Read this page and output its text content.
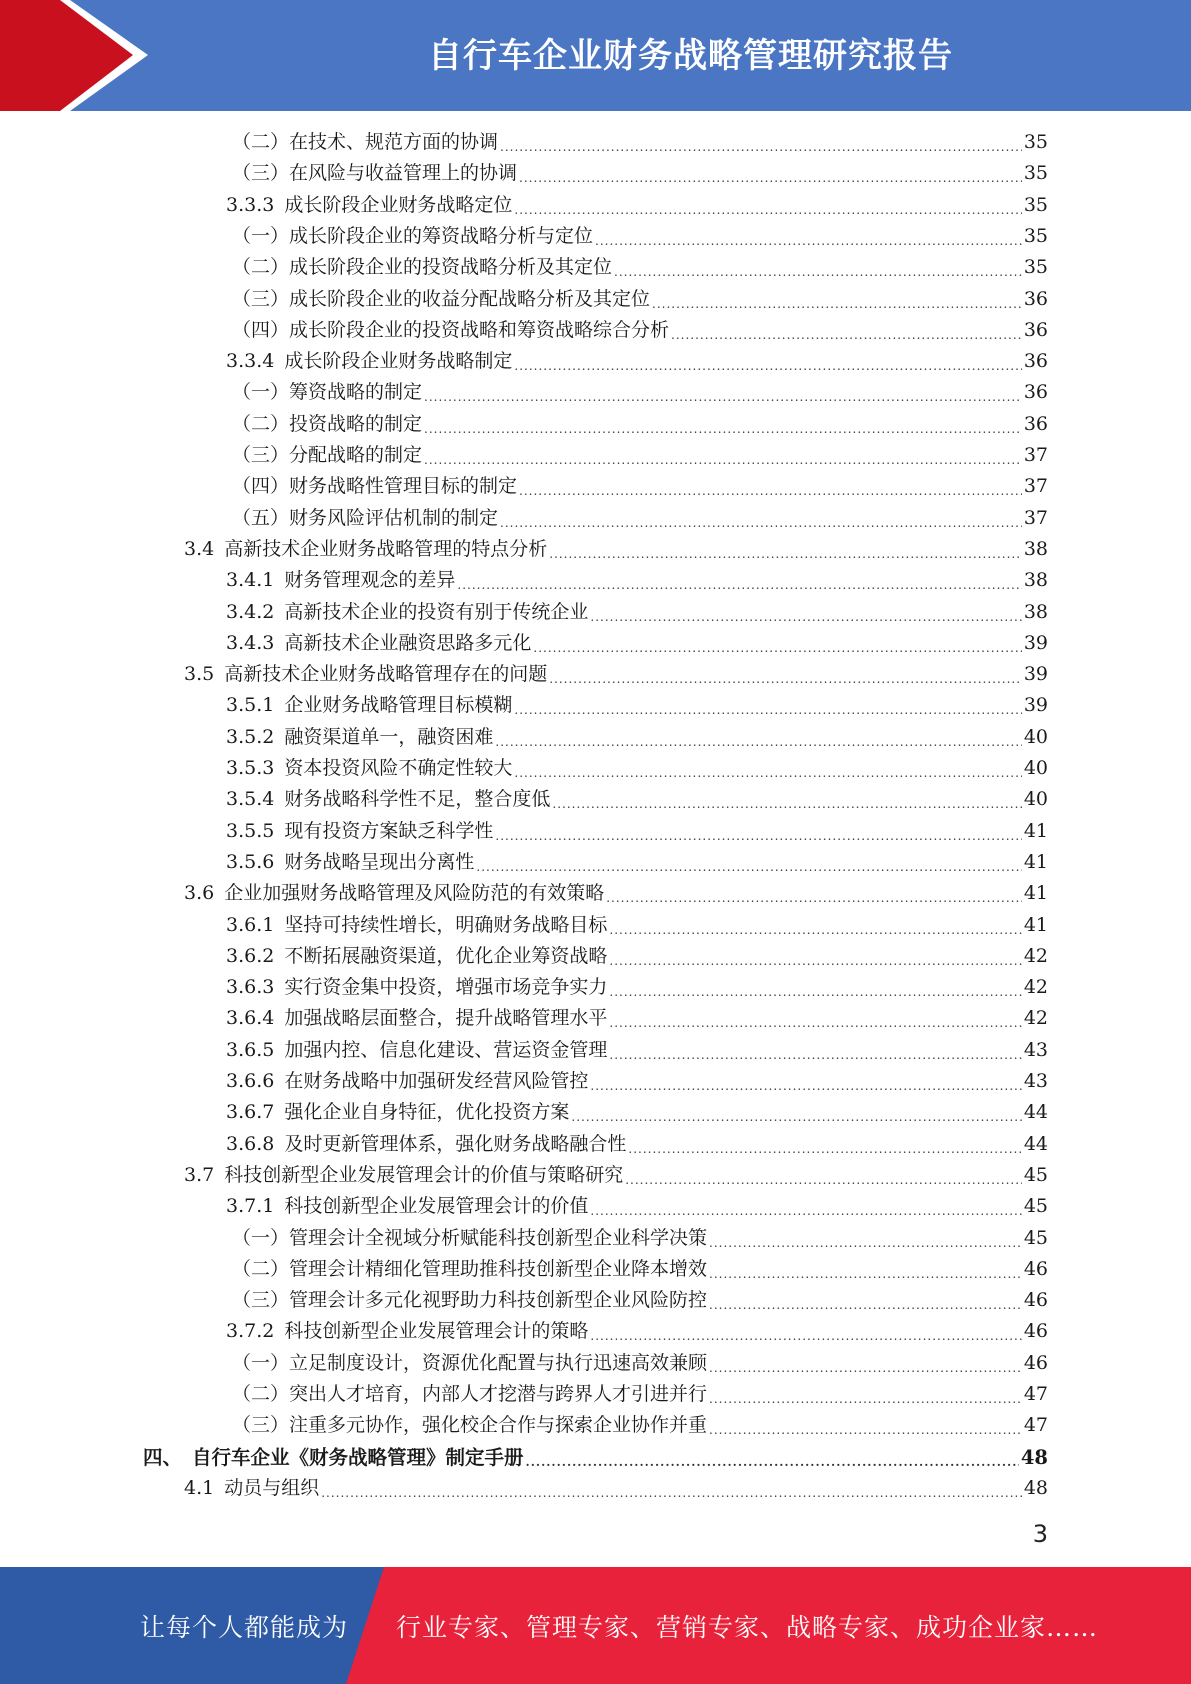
自行车企业财务战略管理研究报告
（二） 在技术、规范方面的协调 .....	35
（三） 在风险与收益管理上的协调 .....	35
3.3.3 成长阶段企业财务战略定位 .....	35
（一） 成长阶段企业的筹资战略分析与定位 .....	35
（二） 成长阶段企业的投资战略分析及其定位 .....	35
（三） 成长阶段企业的收益分配战略分析及其定位 .....	36
（四） 成长阶段企业的投资战略和筹资战略综合分析 .....	36
3.3.4 成长阶段企业财务战略制定 .....	36
（一） 筹资战略的制定 .....	36
（二） 投资战略的制定 .....	36
（三） 分配战略的制定 .....	37
（四） 财务战略性管理目标的制定 .....	37
（五） 财务风险评估机制的制定 .....	37
3.4 高新技术企业财务战略管理的特点分析 .....	38
3.4.1 财务管理观念的差异 .....	38
3.4.2 高新技术企业的投资有别于传统企业 .....	38
3.4.3 高新技术企业融资思路多元化 .....	39
3.5 高新技术企业财务战略管理存在的问题 .....	39
3.5.1 企业财务战略管理目标模糊 .....	39
3.5.2 融资渠道单一，融资困难 .....	40
3.5.3 资本投资风险不确定性较大 .....	40
3.5.4 财务战略科学性不足，整合度低 .....	40
3.5.5 现有投资方案缺乏科学性 .....	41
3.5.6 财务战略呈现出分离性 .....	41
3.6 企业加强财务战略管理及风险防范的有效策略 .....	41
3.6.1 坚持可持续性增长，明确财务战略目标 .....	41
3.6.2 不断拓展融资渠道，优化企业筹资战略 .....	42
3.6.3 实行资金集中投资，增强市场竞争实力 .....	42
3.6.4 加强战略层面整合，提升战略管理水平 .....	42
3.6.5 加强内控、信息化建设、营运资金管理 .....	43
3.6.6 在财务战略中加强研发经营风险管控 .....	43
3.6.7 强化企业自身特征，优化投资方案 .....	44
3.6.8 及时更新管理体系，强化财务战略融合性 .....	44
3.7 科技创新型企业发展管理会计的价值与策略研究 .....	45
3.7.1 科技创新型企业发展管理会计的价值 .....	45
（一） 管理会计全视域分析赋能科技创新型企业科学决策 .....	45
（二） 管理会计精细化管理助推科技创新型企业降本增效 .....	46
（三） 管理会计多元化视野助力科技创新型企业风险防控 .....	46
3.7.2 科技创新型企业发展管理会计的策略 .....	46
（一） 立足制度设计，资源优化配置与执行迅速高效兼顾 .....	46
（二） 突出人才培育，内部人才挖潜与跨界人才引进并行 .....	47
（三） 注重多元协作，强化校企合作与探索企业协作并重 .....	47
四、 自行车企业《财务战略管理》制定手册 .....	48
4.1 动员与组织 .....	48
3
让每个人都能成为 行业专家、管理专家、营销专家、战略专家、成功企业家……
